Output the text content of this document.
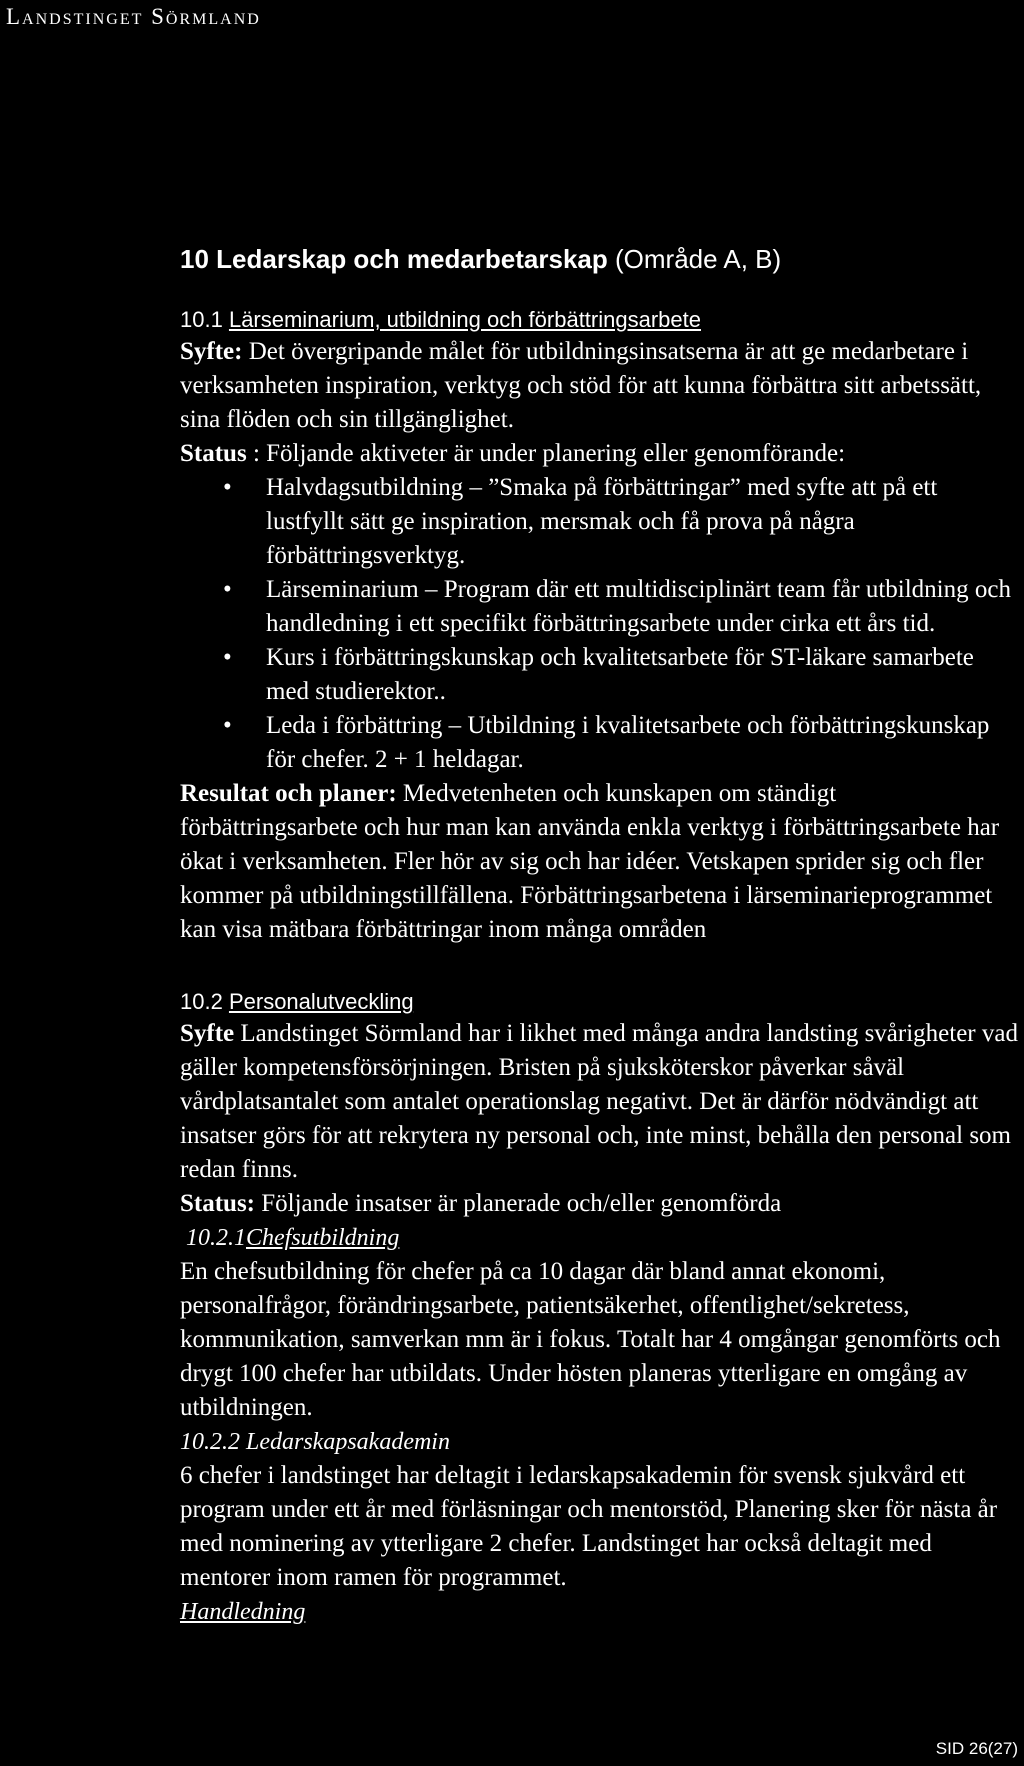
Landstinget Sörmland
10 Ledarskap och medarbetarskap (Område A, B)
10.1 Lärseminarium, utbildning och förbättringsarbete

Syfte: Det övergripande målet för utbildningsinsatserna är att ge medarbetare i verksamheten inspiration, verktyg och stöd för att kunna förbättra sitt arbetssätt, sina flöden och sin tillgänglighet.

Status : Följande aktiveter är under planering eller genomförande:

• Halvdagsutbildning – ”Smaka på förbättringar” med syfte att på ett lustfyllt sätt ge inspiration, mersmak och få prova på några förbättringsverktyg.
• Lärseminarium – Program där ett multidisciplinärt team får utbildning och handledning i ett specifikt förbättringsarbete under cirka ett års tid.
• Kurs i förbättringskunskap och kvalitetsarbete för ST-läkare samarbete med studierektor..
• Leda i förbättring – Utbildning i kvalitetsarbete och förbättringskunskap för chefer. 2 + 1 heldagar.

Resultat och planer: Medvetenheten och kunskapen om ständigt förbättringsarbete och hur man kan använda enkla verktyg i förbättringsarbete har ökat i verksamheten. Fler hör av sig och har idéer. Vetskapen sprider sig och fler kommer på utbildningstillfällena. Förbättringsarbetena i lärseminarieprogrammet kan visa mätbara förbättringar inom många områden

10.2 Personalutveckling

Syfte Landstinget Sörmland har i likhet med många andra landsting svårigheter vad gäller kompetensförsörjningen. Bristen på sjuksköterskor påverkar såväl vårdplatsantalet som antalet operationslag negativt. Det är därför nödvändigt att insatser görs för att rekrytera ny personal och, inte minst, behålla den personal som redan finns.

Status: Följande insatser är planerade och/eller genomförda

10.2.1Chefsutbildning

En chefsutbildning för chefer på ca 10 dagar där bland annat ekonomi, personalfrågor, förändringsarbete, patientsäkerhet, offentlighet/sekretess, kommunikation, samverkan mm är i fokus. Totalt har 4 omgångar genomförts och drygt 100 chefer har utbildats. Under hösten planeras ytterligare en omgång av utbildningen.

10.2.2 Ledarskapsakademin

6 chefer i landstinget har deltagit i ledarskapsakademin för svensk sjukvård ett program under ett år med förläsningar och mentorstöd, Planering sker för nästa år med nominering av ytterligare 2 chefer. Landstinget har också deltagit med mentorer inom ramen för programmet.

Handledning

SID 26(27)
